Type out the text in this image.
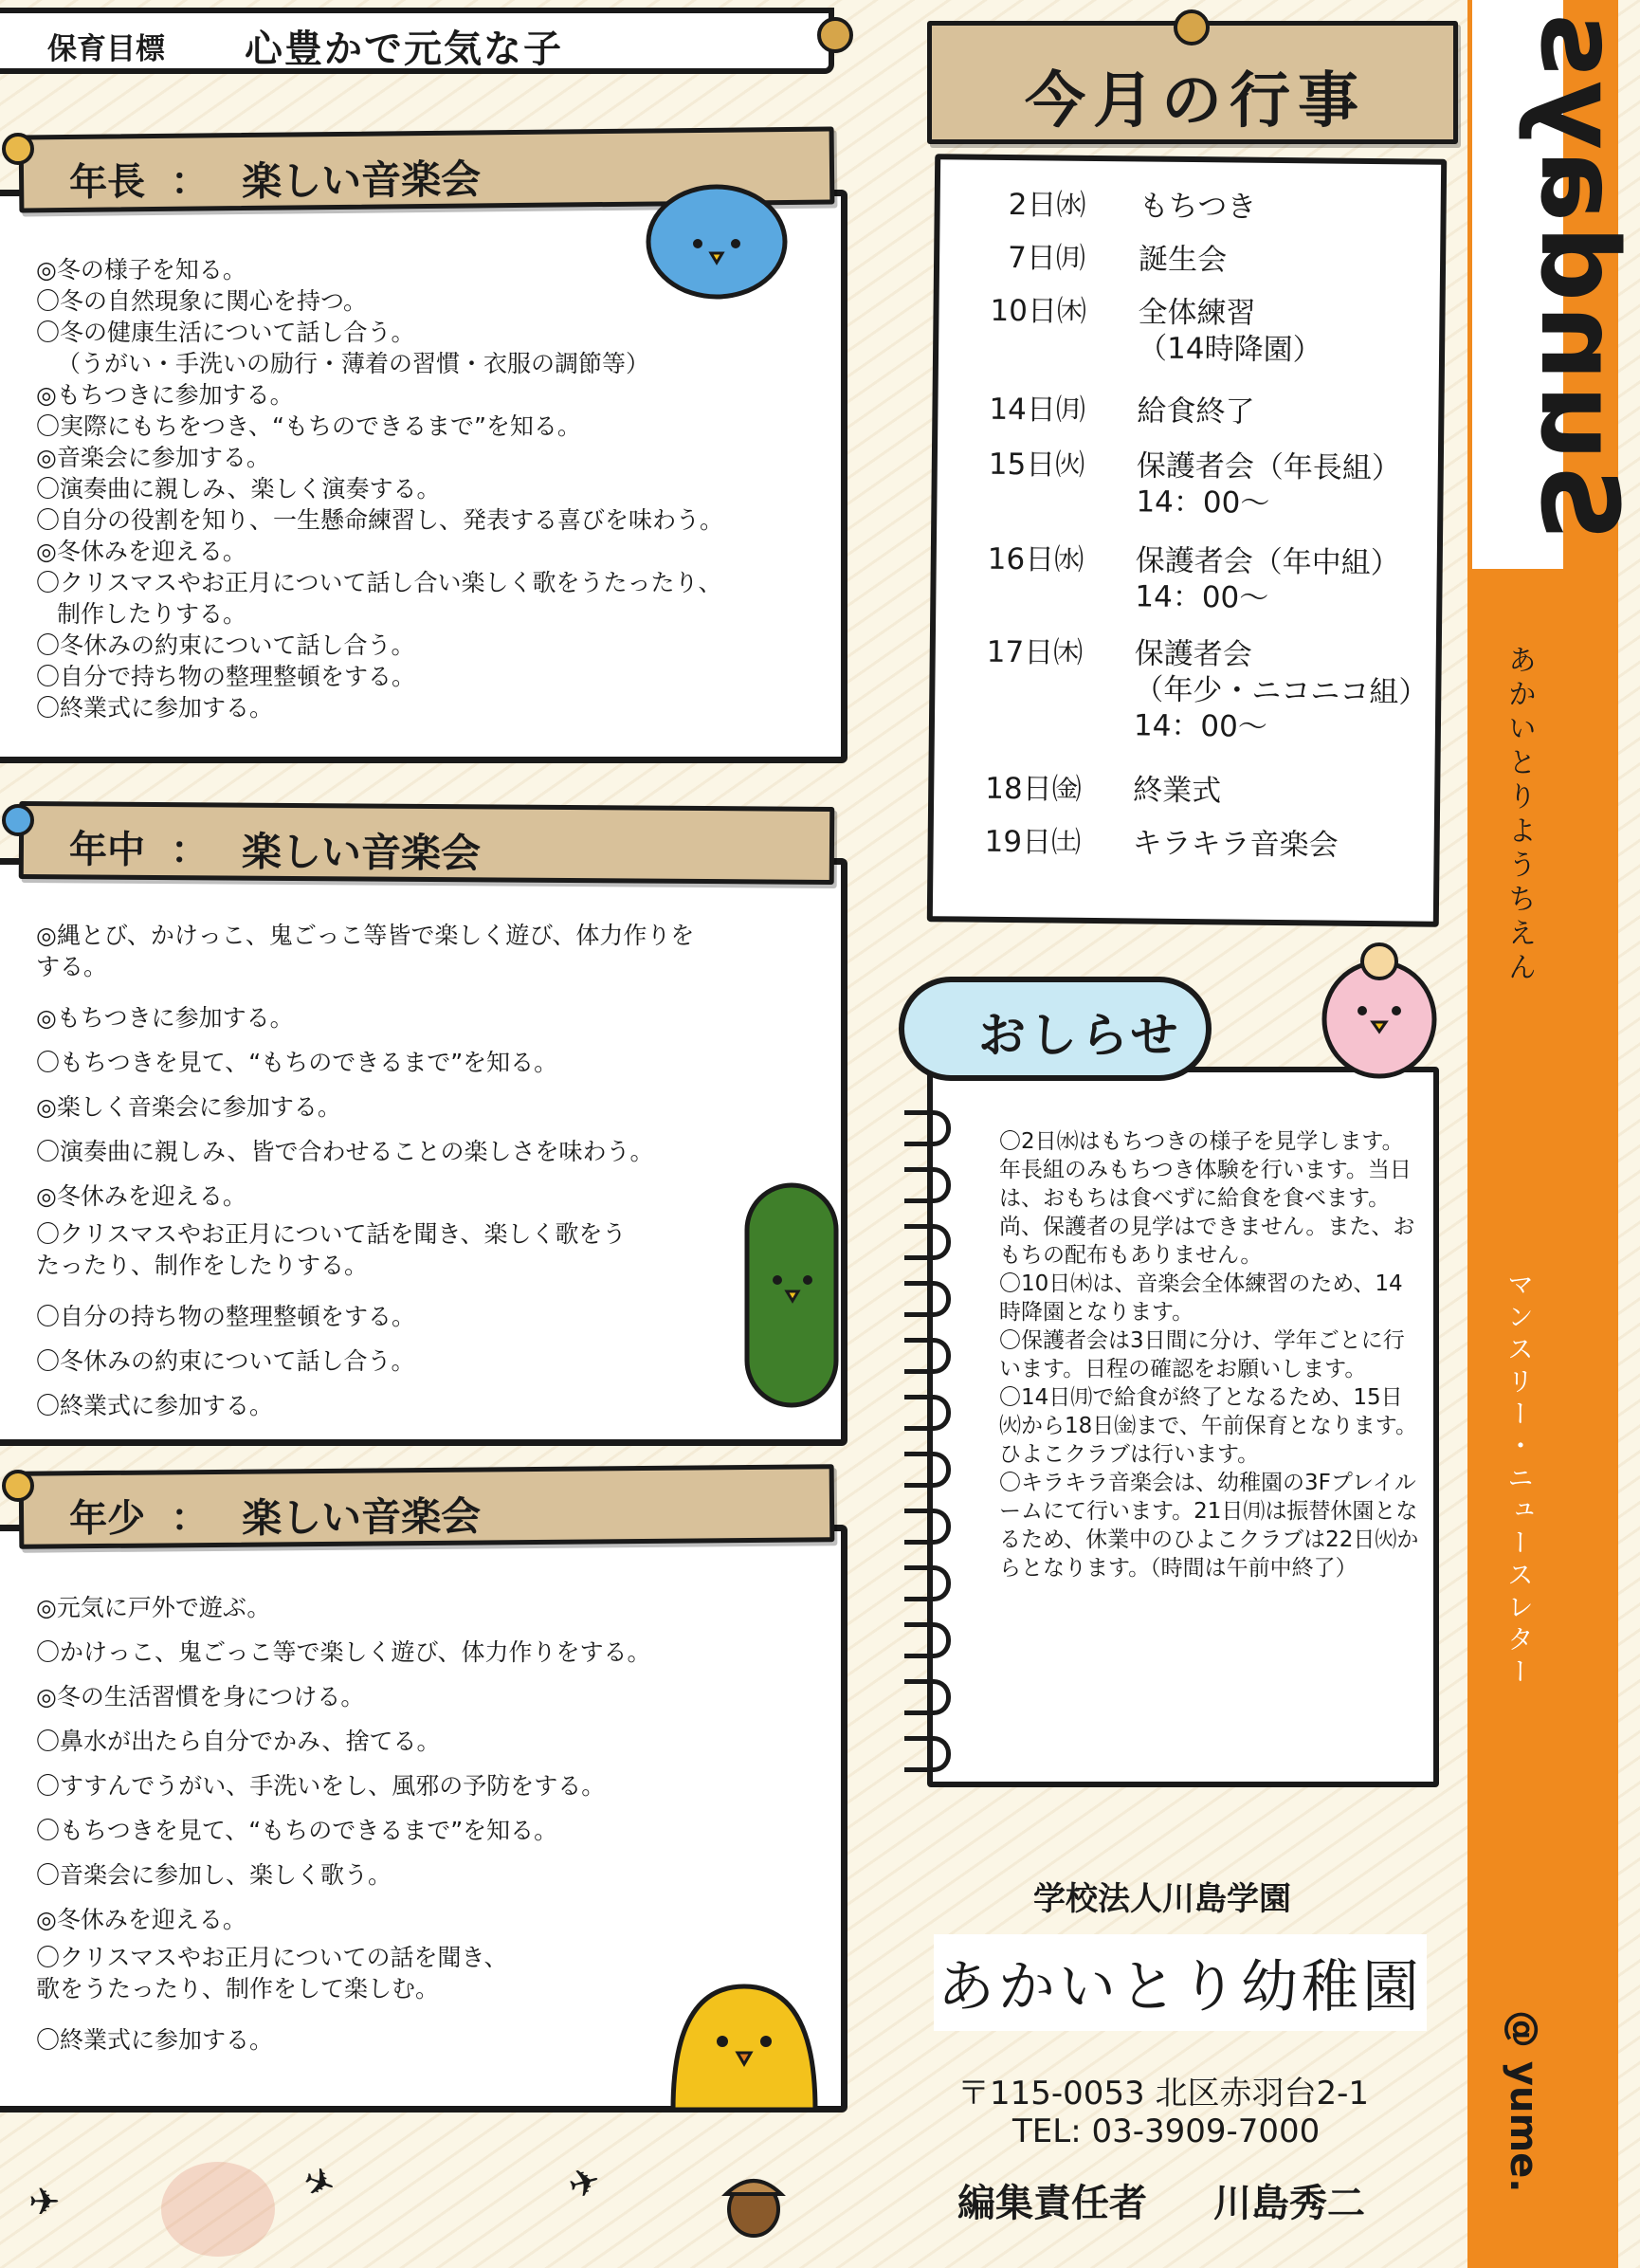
保育目標 心豊かで元気な子
年長 ： 楽しい音楽会
◎冬の様子を知る。
〇冬の自然現象に関心を持つ。
〇冬の健康生活について話し合う。
（うがい・手洗いの励行・薄着の習慣・衣服の調節等）
◎もちつきに参加する。
〇実際にもちをつき、“もちのできるまで”を知る。
◎音楽会に参加する。
〇演奏曲に親しみ、楽しく演奏する。
〇自分の役割を知り、一生懸命練習し、発表する喜びを味わう。
◎冬休みを迎える。
〇クリスマスやお正月について話し合い楽しく歌をうたったり、
制作したりする。
〇冬休みの約束について話し合う。
〇自分で持ち物の整理整頓をする。
〇終業式に参加する。
年中 ： 楽しい音楽会
◎縄とび、かけっこ、鬼ごっこ等皆で楽しく遊び、体力作りを
する。
◎もちつきに参加する。
〇もちつきを見て、“もちのできるまで”を知る。
◎楽しく音楽会に参加する。
〇演奏曲に親しみ、皆で合わせることの楽しさを味わう。
◎冬休みを迎える。
〇クリスマスやお正月について話を聞き、楽しく歌をう
たったり、制作をしたりする。
〇自分の持ち物の整理整頓をする。
〇冬休みの約束について話し合う。
〇終業式に参加する。
年少 ： 楽しい音楽会
◎元気に戸外で遊ぶ。
〇かけっこ、鬼ごっこ等で楽しく遊び、体力作りをする。
◎冬の生活習慣を身につける。
〇鼻水が出たら自分でかみ、捨てる。
〇すすんでうがい、手洗いをし、風邪の予防をする。
〇もちつきを見て、“もちのできるまで”を知る。
〇音楽会に参加し、楽しく歌う。
◎冬休みを迎える。
〇クリスマスやお正月についての話を聞き、
歌をうたったり、制作をして楽しむ。
〇終業式に参加する。
✈	✈	✈
今月の行事
2日㈬ もちつき
7日㈪ 誕生会
10日㈭ 全体練習
（14時降園）
14日㈪ 給食終了
15日㈫ 保護者会（年長組）
14：00〜
16日㈬ 保護者会（年中組）
14：00〜
17日㈭ 保護者会
（年少・ニコニコ組）
14：00〜
18日㈮ 終業式
19日㈯ キラキラ音楽会

〇2日㈬はもちつきの様子を見学します。年長組のみもちつき体験を行います。当日は、おもちは食べずに給食を食べます。尚、保護者の見学はできません。また、おもちの配布もありません。

〇10日㈭は、音楽会全体練習のため、14時降園となります。

〇保護者会は3日間に分け、学年ごとに行います。日程の確認をお願いします。

〇14日㈪で給食が終了となるため、15日㈫から18日㈮まで、午前保育となります。ひよこクラブは行います。

〇キラキラ音楽会は、幼稚園の3Fプレイルームにて行います。21日㈪は振替休園となるため、休業中のひよこクラブは22日㈫からとなります。（時間は午前中終了）

おしらせ
学校法人川島学園
あかいとり幼稚園
〒115-0053 北区赤羽台2-1
TEL: 03-3909-7000
編集責任者 川島秀二
Sundays
あかいとりようちえん
マンスリー・ニュースレター
@ yume.
